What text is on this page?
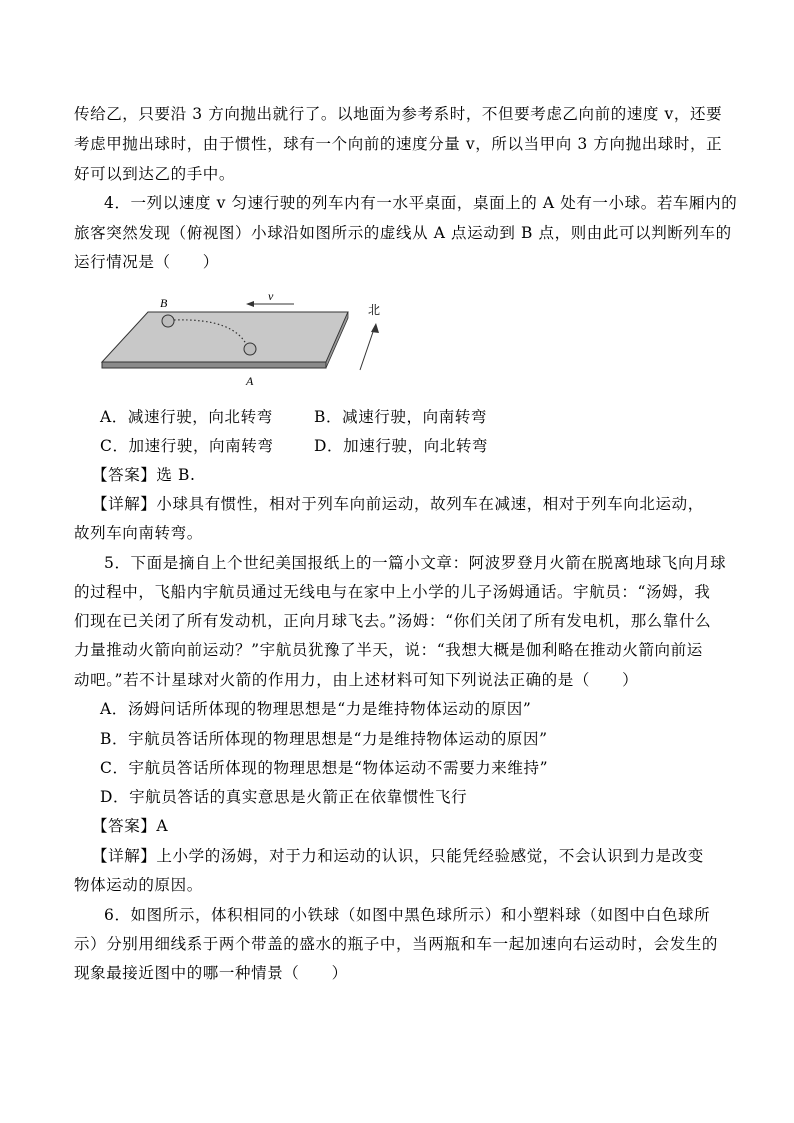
传给乙，只要沿 3 方向抛出就行了。以地面为参考系时，不但要考虑乙向前的速度 v，还要
考虑甲抛出球时，由于惯性，球有一个向前的速度分量 v，所以当甲向 3 方向抛出球时，正
好可以到达乙的手中。
4．一列以速度 v 匀速行驶的列车内有一水平桌面，桌面上的 A 处有一小球。若车厢内的
旅客突然发现（俯视图）小球沿如图所示的虚线从 A 点运动到 B 点，则由此可以判断列车的
运行情况是（　　）
v
B
A
北
A．减速行驶，向北转弯	B．减速行驶，向南转弯
C．加速行驶，向南转弯	D．加速行驶，向北转弯
【答案】选 B.
【详解】小球具有惯性，相对于列车向前运动，故列车在减速，相对于列车向北运动，
故列车向南转弯。
5．下面是摘自上个世纪美国报纸上的一篇小文章：阿波罗登月火箭在脱离地球飞向月球
的过程中，飞船内宇航员通过无线电与在家中上小学的儿子汤姆通话。宇航员：“汤姆，我
们现在已关闭了所有发动机，正向月球飞去。”汤姆：“你们关闭了所有发电机，那么靠什么
力量推动火箭向前运动？”宇航员犹豫了半天，说：“我想大概是伽利略在推动火箭向前运
动吧。”若不计星球对火箭的作用力，由上述材料可知下列说法正确的是（　　）
A．汤姆问话所体现的物理思想是“力是维持物体运动的原因”
B．宇航员答话所体现的物理思想是“力是维持物体运动的原因”
C．宇航员答话所体现的物理思想是“物体运动不需要力来维持”
D．宇航员答话的真实意思是火箭正在依靠惯性飞行
【答案】A
【详解】上小学的汤姆，对于力和运动的认识，只能凭经验感觉，不会认识到力是改变
物体运动的原因。
6．如图所示，体积相同的小铁球（如图中黑色球所示）和小塑料球（如图中白色球所
示）分别用细线系于两个带盖的盛水的瓶子中，当两瓶和车一起加速向右运动时，会发生的
现象最接近图中的哪一种情景（　　）
